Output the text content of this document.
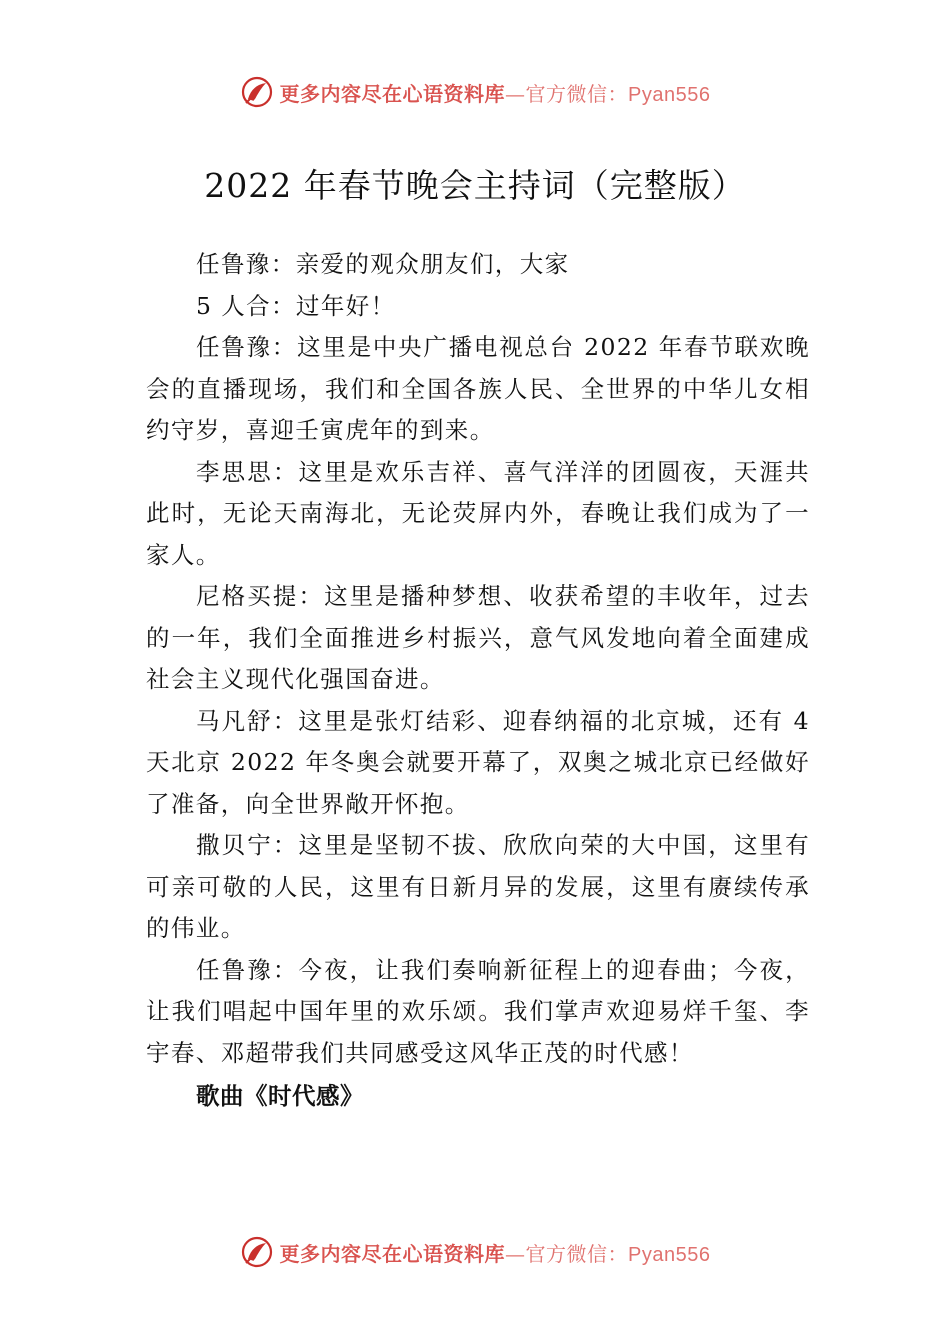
更多内容尽在心语资料库—官方微信：Pyan556
2022 年春节晚会主持词（完整版）

任鲁豫：亲爱的观众朋友们，大家

5 人合：过年好！

任鲁豫：这里是中央广播电视总台 2022 年春节联欢晚会的直播现场，我们和全国各族人民、全世界的中华儿女相约守岁，喜迎壬寅虎年的到来。

李思思：这里是欢乐吉祥、喜气洋洋的团圆夜，天涯共此时，无论天南海北，无论荧屏内外，春晚让我们成为了一家人。

尼格买提：这里是播种梦想、收获希望的丰收年，过去的一年，我们全面推进乡村振兴，意气风发地向着全面建成社会主义现代化强国奋进。

马凡舒：这里是张灯结彩、迎春纳福的北京城，还有 4 天北京 2022 年冬奥会就要开幕了，双奥之城北京已经做好了准备，向全世界敞开怀抱。

撒贝宁：这里是坚韧不拔、欣欣向荣的大中国，这里有可亲可敬的人民，这里有日新月异的发展，这里有赓续传承的伟业。

任鲁豫：今夜，让我们奏响新征程上的迎春曲；今夜，让我们唱起中国年里的欢乐颂。我们掌声欢迎易烊千玺、李宇春、邓超带我们共同感受这风华正茂的时代感！

歌曲《时代感》

更多内容尽在心语资料库—官方微信：Pyan556
